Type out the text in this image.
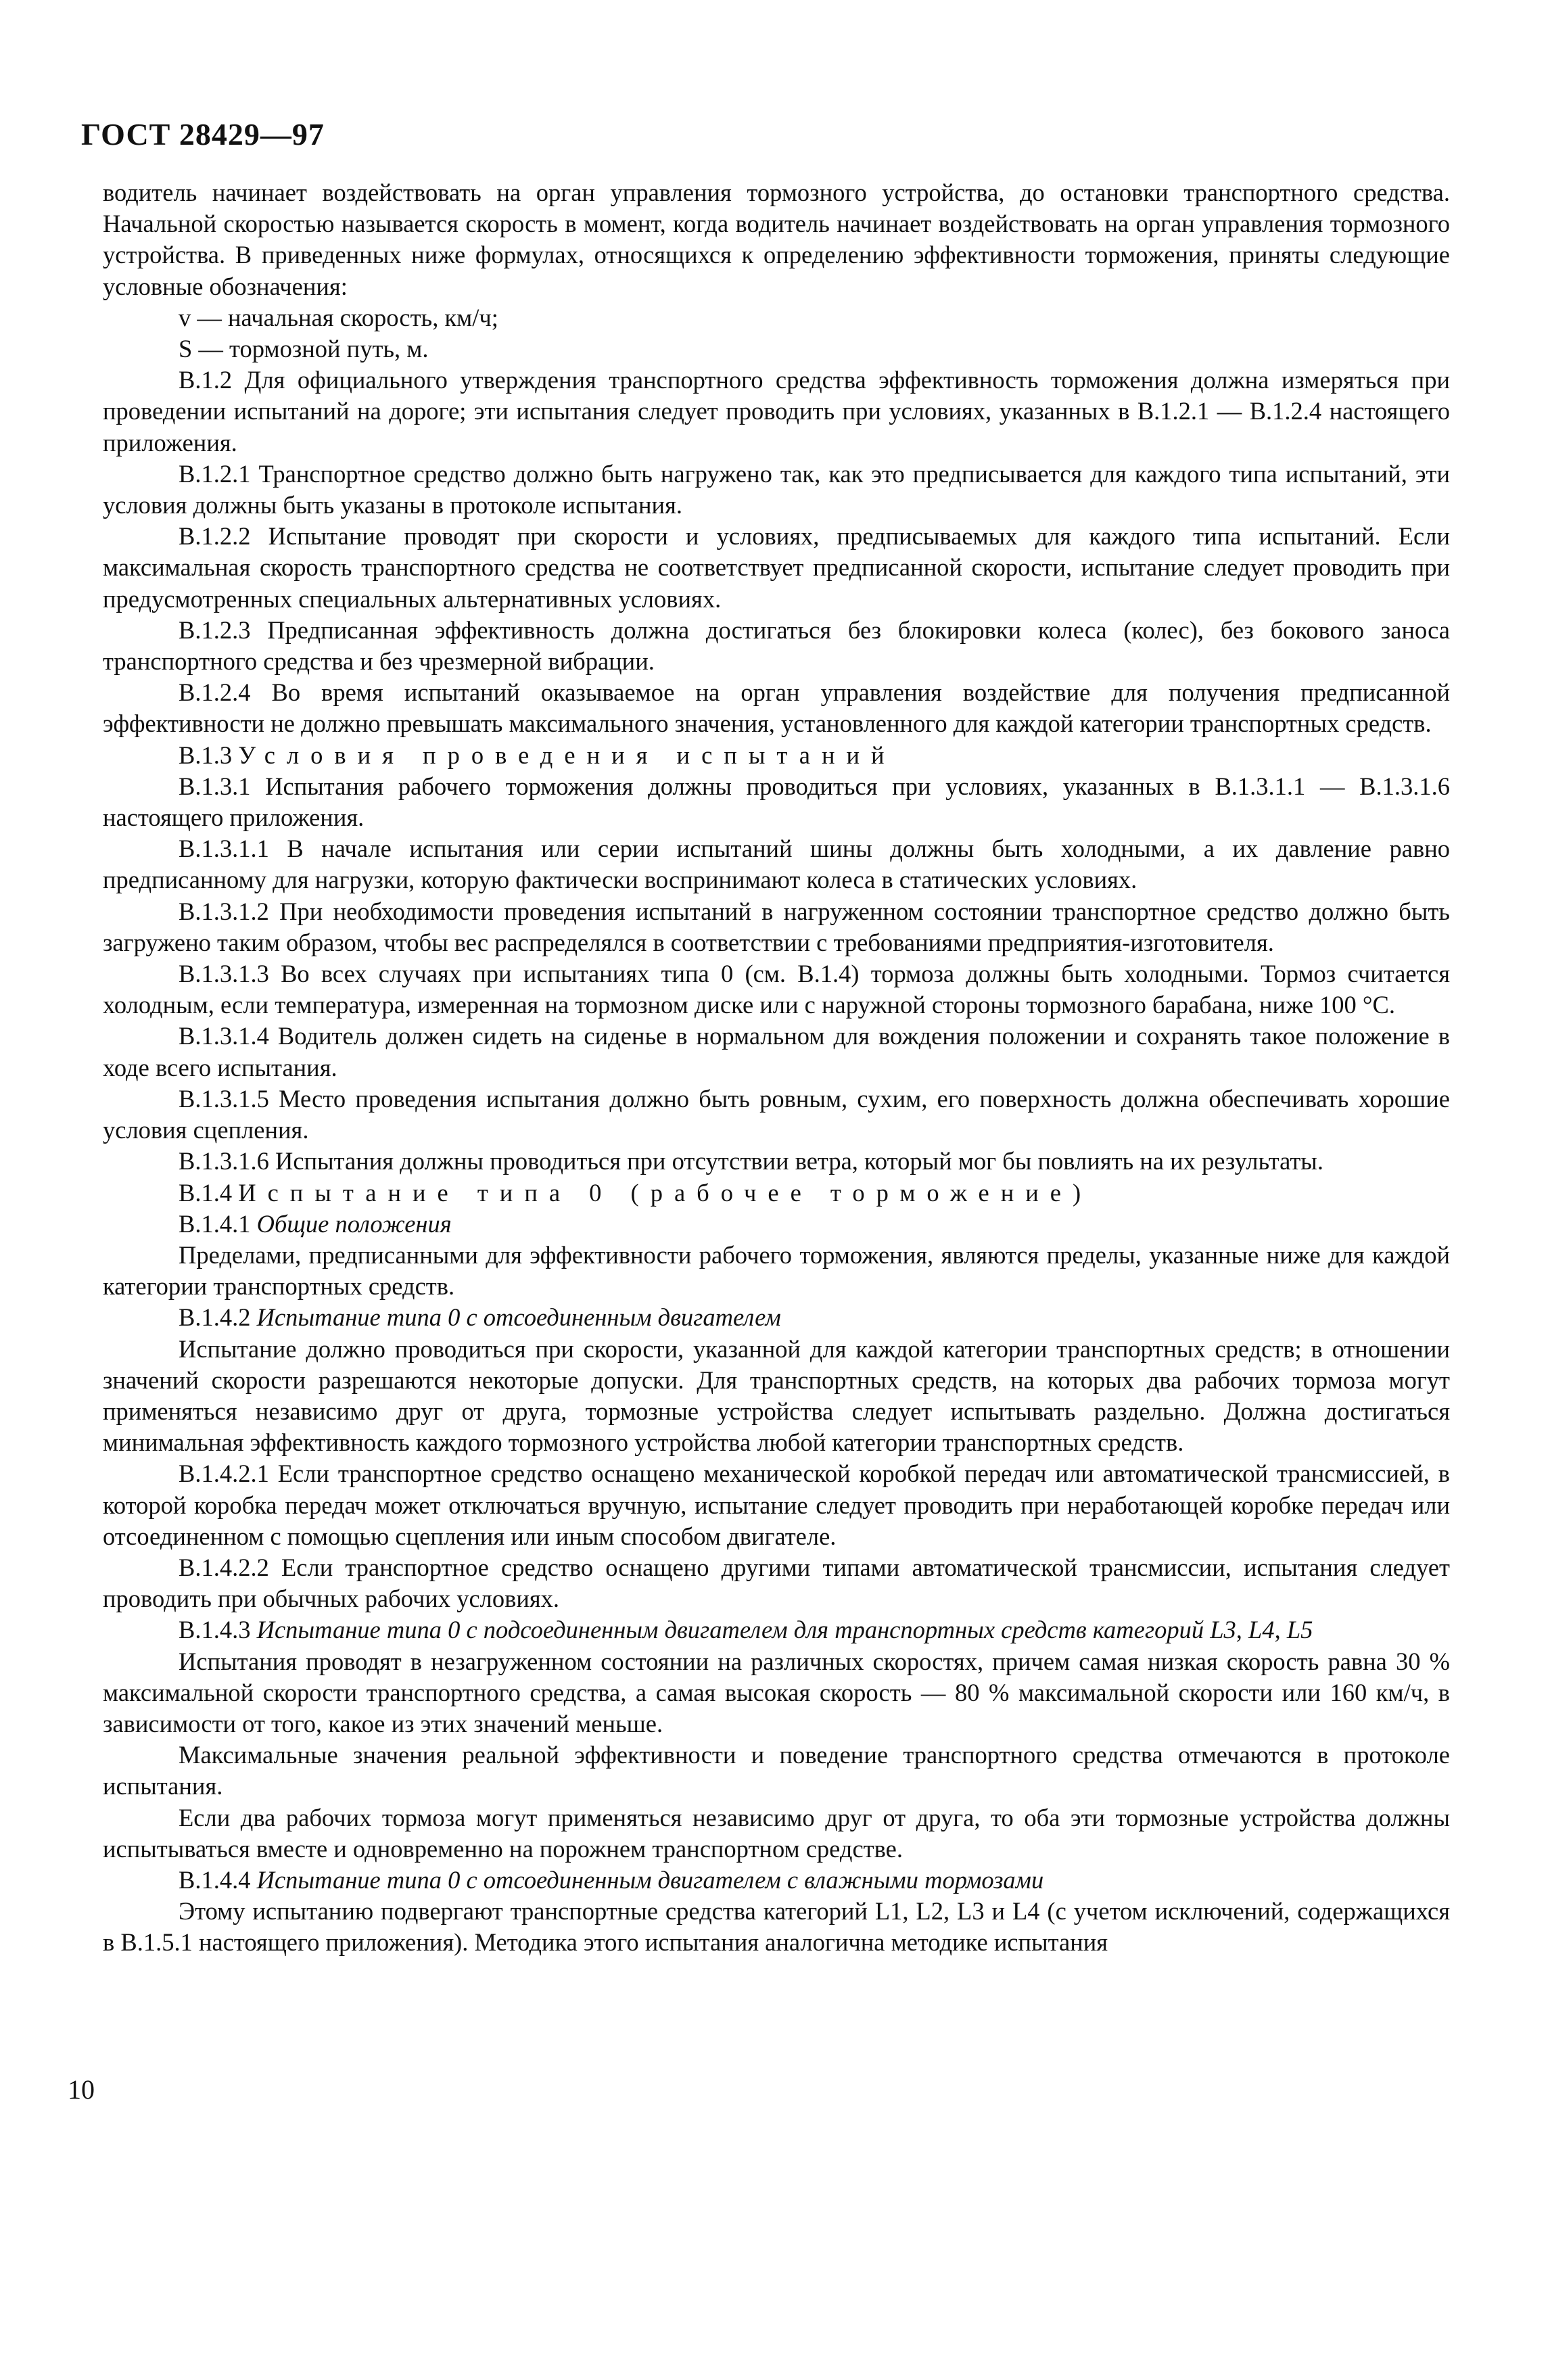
ГОСТ 28429—97

водитель начинает воздействовать на орган управления тормозного устройства, до остановки транспортного средства. Начальной скоростью называется скорость в момент, когда водитель начинает воздействовать на орган управления тормозного устройства. В приведенных ниже формулах, относящихся к определению эффективности торможения, приняты следующие условные обозначения:

v — начальная скорость, км/ч;

S — тормозной путь, м.

В.1.2 Для официального утверждения транспортного средства эффективность торможения должна измеряться при проведении испытаний на дороге; эти испытания следует проводить при условиях, указанных в В.1.2.1 — В.1.2.4 настоящего приложения.

В.1.2.1 Транспортное средство должно быть нагружено так, как это предписывается для каждого типа испытаний, эти условия должны быть указаны в протоколе испытания.

В.1.2.2 Испытание проводят при скорости и условиях, предписываемых для каждого типа испытаний. Если максимальная скорость транспортного средства не соответствует предписанной скорости, испытание следует проводить при предусмотренных специальных альтернативных условиях.

В.1.2.3 Предписанная эффективность должна достигаться без блокировки колеса (колес), без бокового заноса транспортного средства и без чрезмерной вибрации.

В.1.2.4 Во время испытаний оказываемое на орган управления воздействие для получения предписанной эффективности не должно превышать максимального значения, установленного для каждой категории транспортных средств.

В.1.3 Условия проведения испытаний

В.1.3.1 Испытания рабочего торможения должны проводиться при условиях, указанных в В.1.3.1.1 — В.1.3.1.6 настоящего приложения.

В.1.3.1.1 В начале испытания или серии испытаний шины должны быть холодными, а их давление равно предписанному для нагрузки, которую фактически воспринимают колеса в статических условиях.

В.1.3.1.2 При необходимости проведения испытаний в нагруженном состоянии транспортное средство должно быть загружено таким образом, чтобы вес распределялся в соответствии с требованиями предприятия-изготовителя.

В.1.3.1.3 Во всех случаях при испытаниях типа 0 (см. В.1.4) тормоза должны быть холодными. Тормоз считается холодным, если температура, измеренная на тормозном диске или с наружной стороны тормозного барабана, ниже 100 °С.

В.1.3.1.4 Водитель должен сидеть на сиденье в нормальном для вождения положении и сохранять такое положение в ходе всего испытания.

В.1.3.1.5 Место проведения испытания должно быть ровным, сухим, его поверхность должна обеспечивать хорошие условия сцепления.

В.1.3.1.6 Испытания должны проводиться при отсутствии ветра, который мог бы повлиять на их результаты.

В.1.4 Испытание типа 0 (рабочее торможение)

В.1.4.1 Общие положения

Пределами, предписанными для эффективности рабочего торможения, являются пределы, указанные ниже для каждой категории транспортных средств.

В.1.4.2 Испытание типа 0 с отсоединенным двигателем

Испытание должно проводиться при скорости, указанной для каждой категории транспортных средств; в отношении значений скорости разрешаются некоторые допуски. Для транспортных средств, на которых два рабочих тормоза могут применяться независимо друг от друга, тормозные устройства следует испытывать раздельно. Должна достигаться минимальная эффективность каждого тормозного устройства любой категории транспортных средств.

В.1.4.2.1 Если транспортное средство оснащено механической коробкой передач или автоматической трансмиссией, в которой коробка передач может отключаться вручную, испытание следует проводить при неработающей коробке передач или отсоединенном с помощью сцепления или иным способом двигателе.

В.1.4.2.2 Если транспортное средство оснащено другими типами автоматической трансмиссии, испытания следует проводить при обычных рабочих условиях.

В.1.4.3 Испытание типа 0 с подсоединенным двигателем для транспортных средств категорий L3, L4, L5

Испытания проводят в незагруженном состоянии на различных скоростях, причем самая низкая скорость равна 30 % максимальной скорости транспортного средства, а самая высокая скорость — 80 % максимальной скорости или 160 км/ч, в зависимости от того, какое из этих значений меньше.

Максимальные значения реальной эффективности и поведение транспортного средства отмечаются в протоколе испытания.

Если два рабочих тормоза могут применяться независимо друг от друга, то оба эти тормозные устройства должны испытываться вместе и одновременно на порожнем транспортном средстве.

В.1.4.4 Испытание типа 0 с отсоединенным двигателем с влажными тормозами

Этому испытанию подвергают транспортные средства категорий L1, L2, L3 и L4 (с учетом исключений, содержащихся в В.1.5.1 настоящего приложения). Методика этого испытания аналогична методике испытания

10
